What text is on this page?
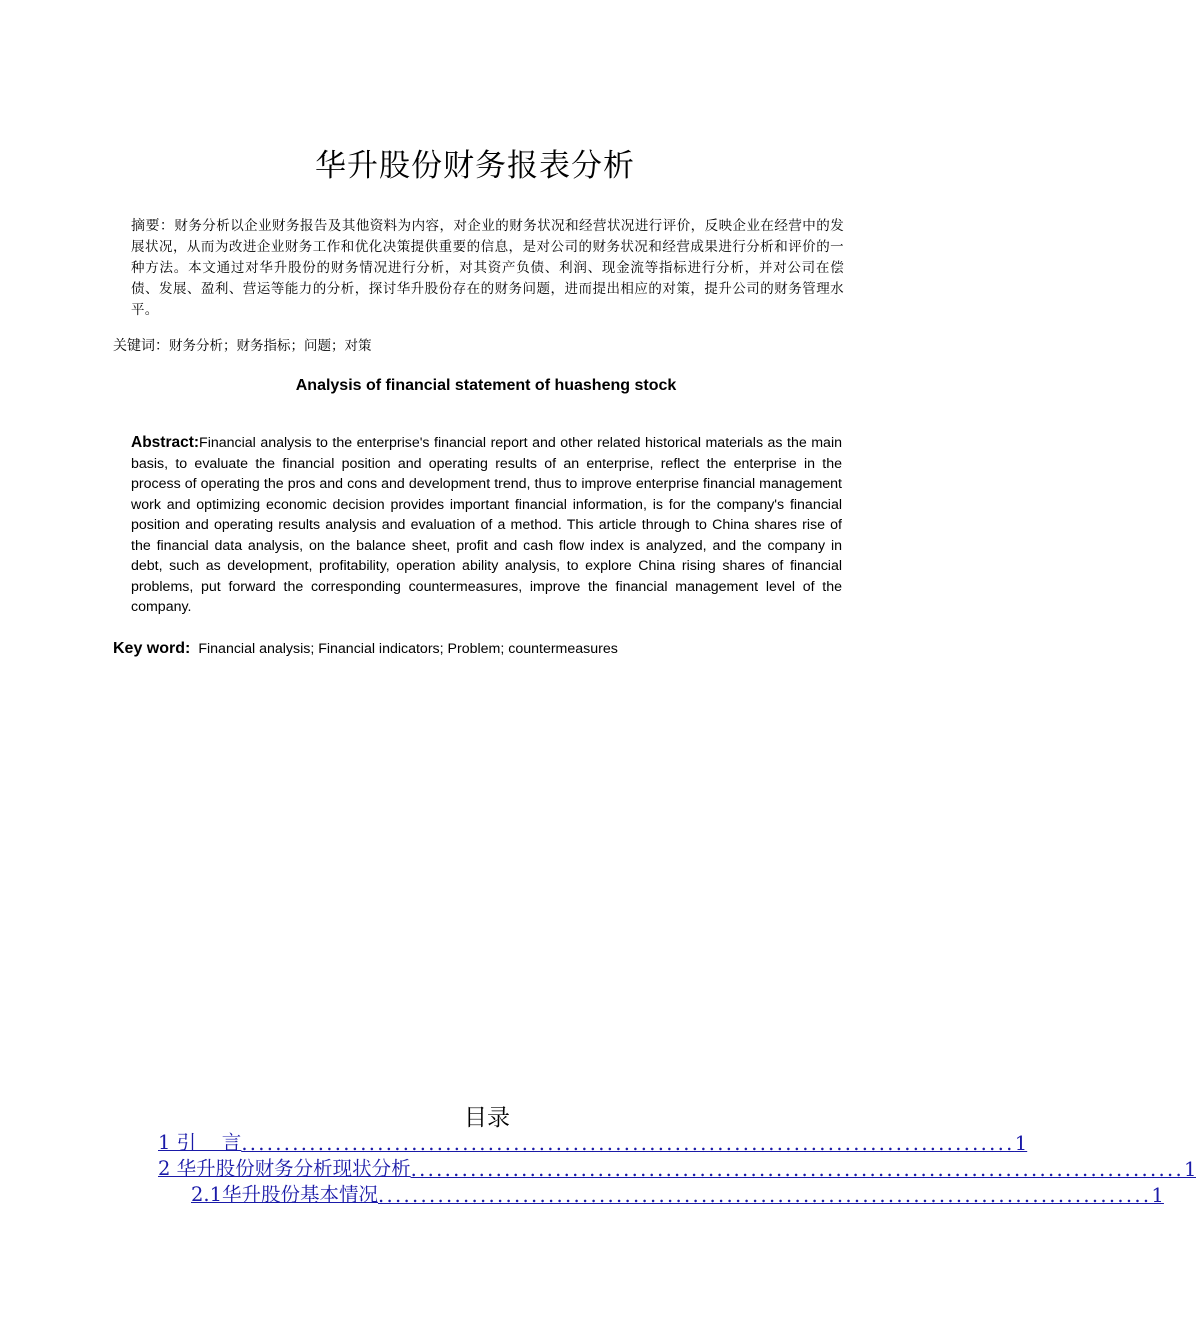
华升股份财务报表分析
摘要：财务分析以企业财务报告及其他资料为内容，对企业的财务状况和经营状况进行评价，反映企业在经营中的发展状况，从而为改进企业财务工作和优化决策提供重要的信息，是对公司的财务状况和经营成果进行分析和评价的一种方法。本文通过对华升股份的财务情况进行分析，对其资产负债、利润、现金流等指标进行分析，并对公司在偿债、发展、盈利、营运等能力的分析，探讨华升股份存在的财务问题，进而提出相应的对策，提升公司的财务管理水平。
关键词：财务分析；财务指标；问题；对策
Analysis of financial statement of huasheng stock
Abstract:Financial analysis to the enterprise's financial report and other related historical materials as the main basis, to evaluate the financial position and operating results of an enterprise, reflect the enterprise in the process of operating the pros and cons and development trend, thus to improve enterprise financial management work and optimizing economic decision provides important financial information, is for the company's financial position and operating results analysis and evaluation of a method. This article through to China shares rise of the financial data analysis, on the balance sheet, profit and cash flow index is analyzed, and the company in debt, such as development, profitability, operation ability analysis, to explore China rising shares of financial problems, put forward the corresponding countermeasures, improve the financial management level of the company.
Key word: Financial analysis; Financial indicators; Problem; countermeasures
目录
1 引　 言 ........................................................................................... 1
2 华升股份财务分析现状分析 ........................................................................................... 1
2.1华升股份基本情况 ........................................................................................... 1
